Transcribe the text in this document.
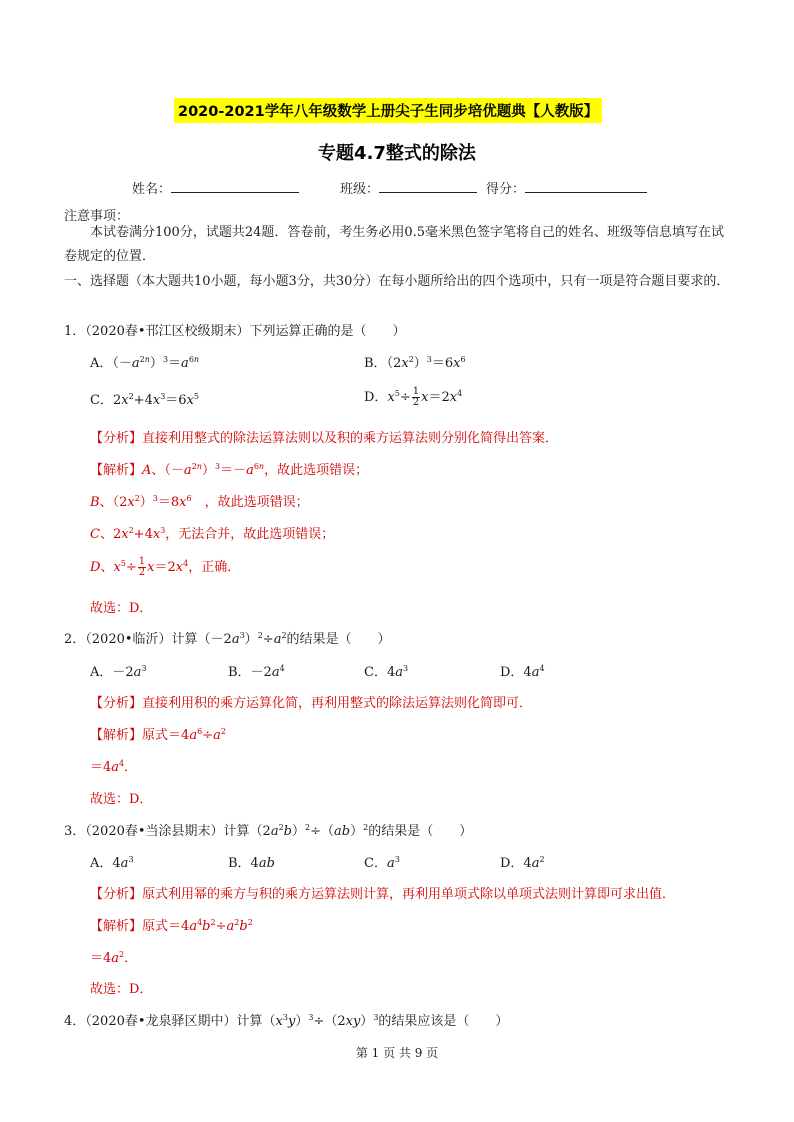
2020-2021学年八年级数学上册尖子生同步培优题典【人教版】
专题4.7整式的除法
姓名：	班级：	得分：
注意事项：
本试卷满分100分，试题共24题．答卷前，考生务必用0.5毫米黑色签字笔将自己的姓名、班级等信息填写在试卷规定的位置．
一、选择题（本大题共10小题，每小题3分，共30分）在每小题所给出的四个选项中，只有一项是符合题目要求的．
1．（2020春•邗江区校级期末）下列运算正确的是（　　）
A．$(-a^{2n})^3=a^{6n}$	B．$(2x^2)^3=6x^6$
C．$2x^2+4x^3=6x^5$	D．$x^5\div \frac{1}{2} x=2x^4$
【分析】直接利用整式的除法运算法则以及积的乘方运算法则分别化简得出答案．
【解析】A、$(-a^{2n})^3=-a^{6n}$，故此选项错误；
B、$(2x^2)^3=8x^6$　，故此选项错误；
C、$2x^2+4x^3$，无法合并，故此选项错误；
D、$x^5\div \frac{1}{2} x=2x^4$，正确．
故选：D．
2．（2020•临沂）计算$(-2a^3)^2\div a^2$的结果是（　　）
A．$-2a^3$	B．$-2a^4$	C．$4a^3$	D．$4a^4$
【分析】直接利用积的乘方运算化简，再利用整式的除法运算法则化简即可．
【解析】原式$=4a^6\div a^2$
$=4a^4$．
故选：D．
3．（2020春•当涂县期末）计算$(2a^2b)^2\div(ab)^2$的结果是（　　）
A．$4a^3$	B．4ab	C．$a^3$	D．$4a^2$
【分析】原式利用幂的乘方与积的乘方运算法则计算，再利用单项式除以单项式法则计算即可求出值．
【解析】原式$=4a^4b^2\div a^2b^2$
$=4a^2$．
故选：D．
4．（2020春•龙泉驿区期中）计算$(x^3y)^3\div(2xy)^3$的结果应该是（　　）
第 1 页 共 9 页
